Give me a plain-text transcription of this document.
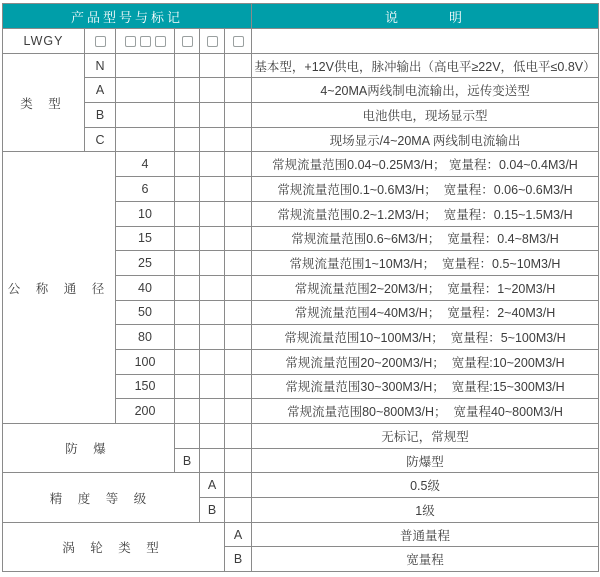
产品型号与标记						说　　　明
LWGY						
类 型	N					基本型，+12V供电，脉冲输出（高电平≥22V，低电平≤0.8V）
	A					4~20MA两线制电流输出，远传变送型
	B					电池供电，现场显示型
	C					现场显示/4~20MA 两线制电流输出
公 称 通 径		4				常规流量范围0.04~0.25M3/H； 宽量程：0.04~0.4M3/H
		6				常规流量范围0.1~0.6M3/H；  宽量程：0.06~0.6M3/H
		10				常规流量范围0.2~1.2M3/H；  宽量程：0.15~1.5M3/H
		15				常规流量范围0.6~6M3/H；  宽量程：0.4~8M3/H
		25				常规流量范围1~10M3/H；  宽量程：0.5~10M3/H
		40				常规流量范围2~20M3/H；  宽量程：1~20M3/H
		50				常规流量范围4~40M3/H；  宽量程：2~40M3/H
		80				常规流量范围10~100M3/H；  宽量程：5~100M3/H
		100				常规流量范围20~200M3/H；  宽量程:10~200M3/H
		150				常规流量范围30~300M3/H；  宽量程:15~300M3/H
		200				常规流量范围80~800M3/H；  宽量程40~800M3/H
防 爆						无标记，常规型
			B			防爆型
精 度 等 级				A		0.5级
				B		1级
涡 轮 类 型					A	普通量程
					B	宽量程
